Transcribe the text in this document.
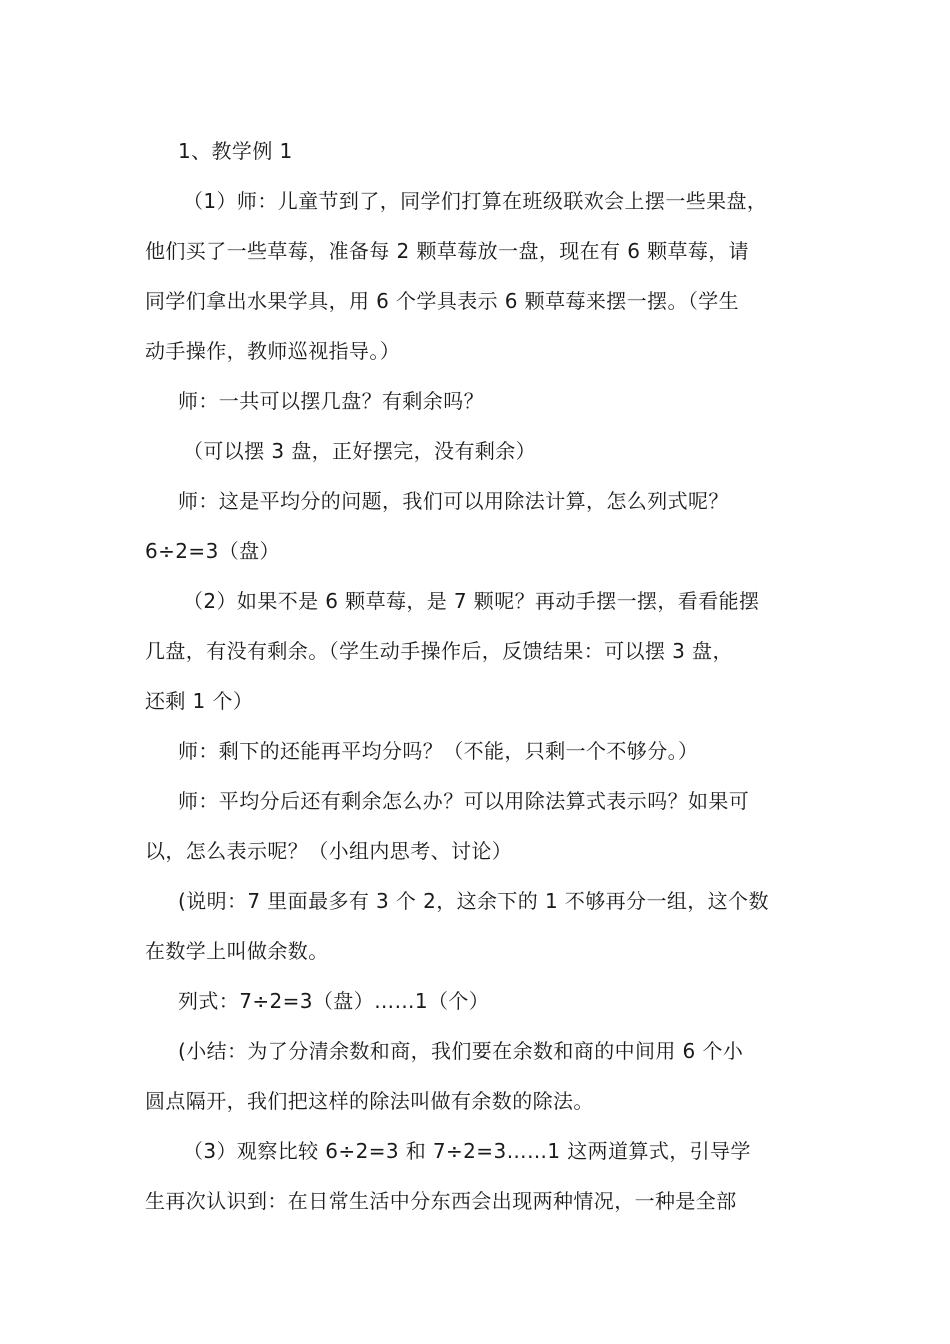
1、教学例 1
（1）师：儿童节到了，同学们打算在班级联欢会上摆一些果盘，
他们买了一些草莓，准备每 2 颗草莓放一盘，现在有 6 颗草莓，请
同学们拿出水果学具，用 6 个学具表示 6 颗草莓来摆一摆。（学生
动手操作，教师巡视指导。）
师：一共可以摆几盘？有剩余吗？
（可以摆 3 盘，正好摆完，没有剩余）
师：这是平均分的问题，我们可以用除法计算，怎么列式呢？
6÷2=3（盘）
（2）如果不是 6 颗草莓，是 7 颗呢？再动手摆一摆，看看能摆
几盘，有没有剩余。（学生动手操作后，反馈结果：可以摆 3 盘，
还剩 1 个）
师：剩下的还能再平均分吗？（不能，只剩一个不够分。）
师：平均分后还有剩余怎么办？可以用除法算式表示吗？如果可
以，怎么表示呢？（小组内思考、讨论）
(说明：7 里面最多有 3 个 2，这余下的 1 不够再分一组，这个数
在数学上叫做余数。
列式：7÷2=3（盘）……1（个）
(小结：为了分清余数和商，我们要在余数和商的中间用 6 个小
圆点隔开，我们把这样的除法叫做有余数的除法。
（3）观察比较 6÷2=3 和 7÷2=3……1 这两道算式，引导学
生再次认识到：在日常生活中分东西会出现两种情况，一种是全部
